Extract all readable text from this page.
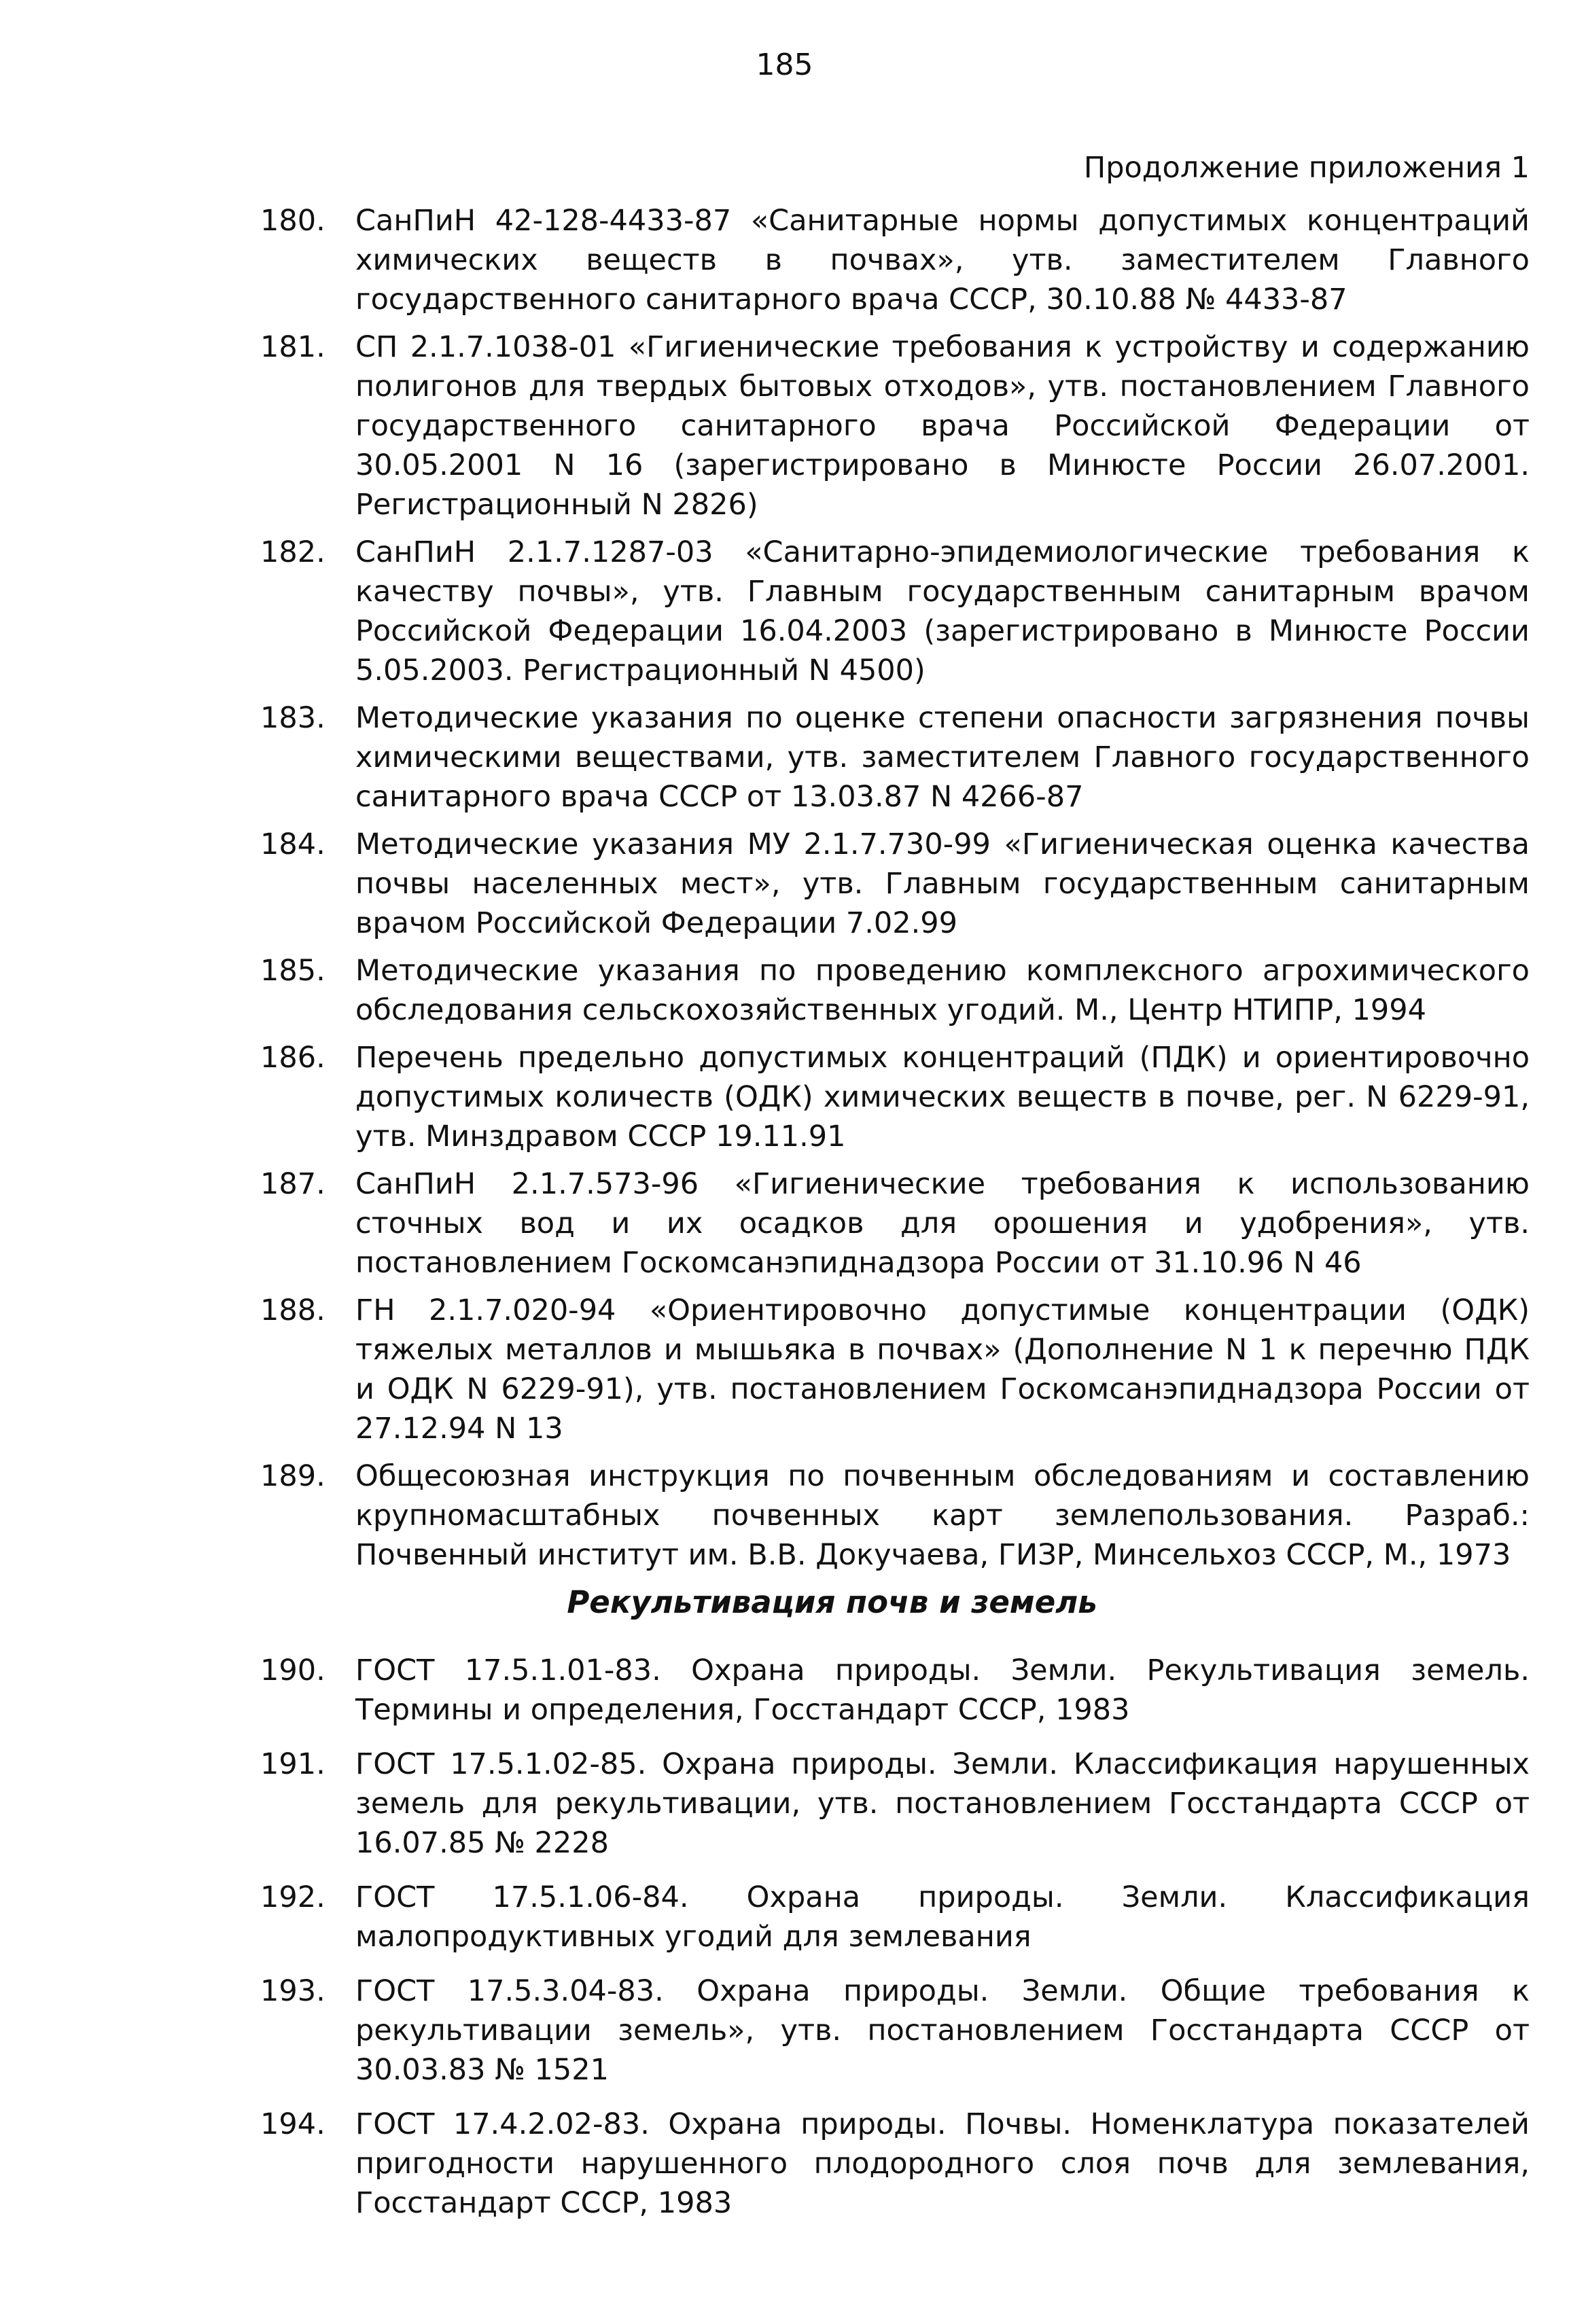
185
Продолжение приложения 1

180.	СанПиН 42-128-4433-87 «Санитарные нормы допустимых концентраций химических веществ в почвах», утв. заместителем Главного государственного санитарного врача СССР, 30.10.88 № 4433-87

181.	СП 2.1.7.1038-01 «Гигиенические требования к устройству и содержанию полигонов для твердых бытовых отходов», утв. постановлением Главного государственного санитарного врача Российской Федерации от 30.05.2001 N 16 (зарегистрировано в Минюсте России 26.07.2001. Регистрационный N 2826)

182.	СанПиН 2.1.7.1287-03 «Санитарно-эпидемиологические требования к качеству почвы», утв. Главным государственным санитарным врачом Российской Федерации 16.04.2003 (зарегистрировано в Минюсте России 5.05.2003. Регистрационный N 4500)

183.	Методические указания по оценке степени опасности загрязнения почвы химическими веществами, утв. заместителем Главного государственного санитарного врача СССР от 13.03.87 N 4266-87

184.	Методические указания МУ 2.1.7.730-99 «Гигиеническая оценка качества почвы населенных мест», утв. Главным государственным санитарным врачом Российской Федерации 7.02.99

185.	Методические указания по проведению комплексного агрохимического обследования сельскохозяйственных угодий. М., Центр НТИПР, 1994

186.	Перечень предельно допустимых концентраций (ПДК) и ориентировочно допустимых количеств (ОДК) химических веществ в почве, рег. N 6229-91, утв. Минздравом СССР 19.11.91

187.	СанПиН 2.1.7.573-96 «Гигиенические требования к использованию сточных вод и их осадков для орошения и удобрения», утв. постановлением Госкомсанэпиднадзора России от 31.10.96 N 46

188.	ГН 2.1.7.020-94 «Ориентировочно допустимые концентрации (ОДК) тяжелых металлов и мышьяка в почвах» (Дополнение N 1 к перечню ПДК и ОДК N 6229-91), утв. постановлением Госкомсанэпиднадзора России от 27.12.94 N 13

189.	Общесоюзная инструкция по почвенным обследованиям и составлению крупномасштабных почвенных карт землепользования. Разраб.: Почвенный институт им. В.В. Докучаева, ГИЗР, Минсельхоз СССР, М., 1973

Рекультивация почв и земель

190.	ГОСТ 17.5.1.01-83. Охрана природы. Земли. Рекультивация земель. Термины и определения, Госстандарт СССР, 1983

191.	ГОСТ 17.5.1.02-85. Охрана природы. Земли. Классификация нарушенных земель для рекультивации, утв. постановлением Госстандарта СССР от 16.07.85 № 2228

192.	ГОСТ 17.5.1.06-84. Охрана природы. Земли. Классификация малопродуктивных угодий для землевания

193.	ГОСТ 17.5.3.04-83. Охрана природы. Земли. Общие требования к рекультивации земель», утв. постановлением Госстандарта СССР от 30.03.83 № 1521

194.	ГОСТ 17.4.2.02-83. Охрана природы. Почвы. Номенклатура показателей пригодности нарушенного плодородного слоя почв для землевания, Госстандарт СССР, 1983
